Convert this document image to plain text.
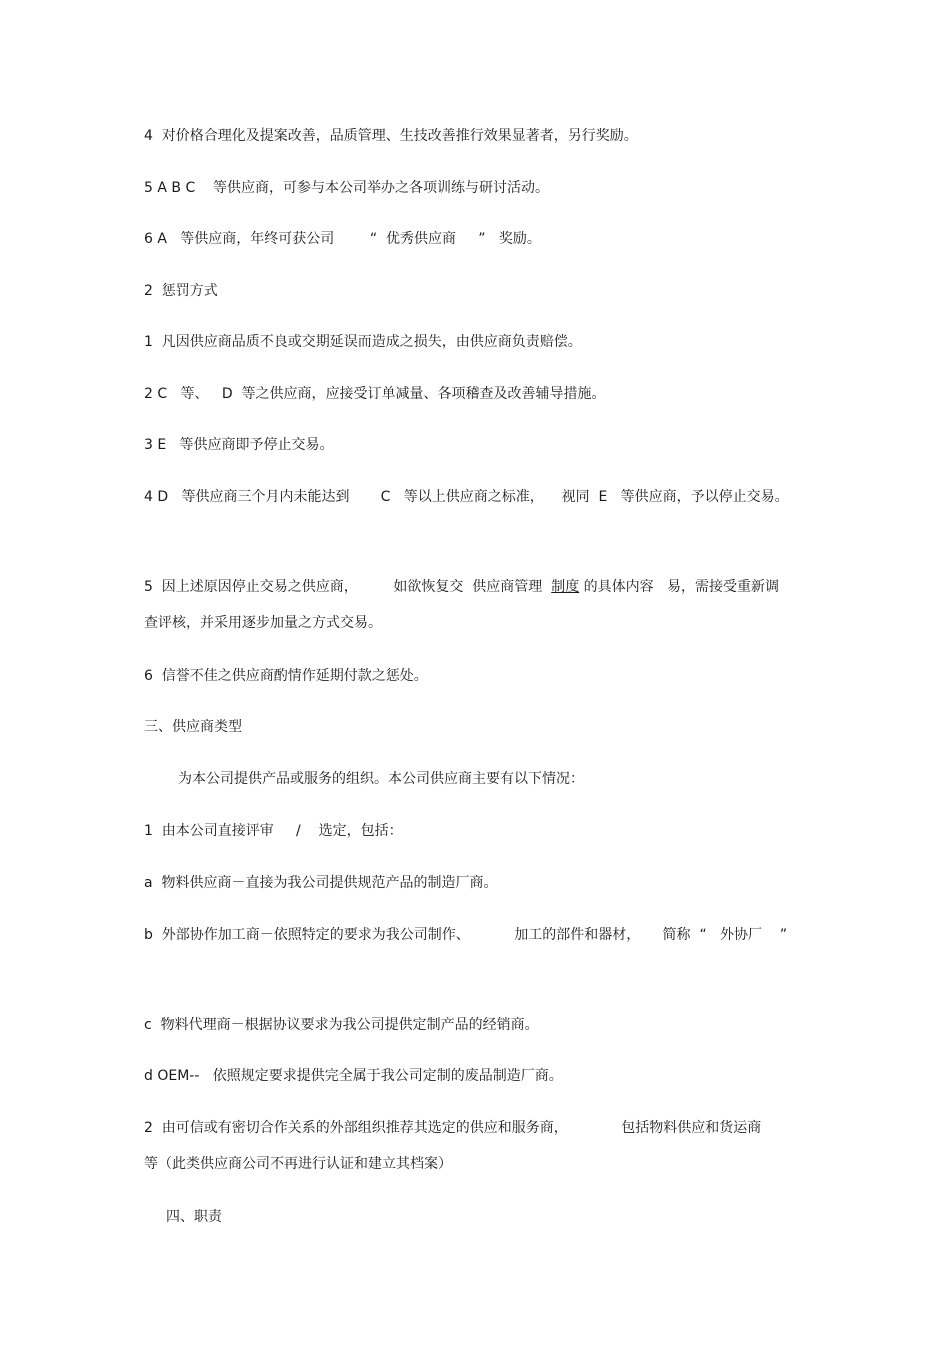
4  对价格合理化及提案改善，品质管理、生技改善推行效果显著者，另行奖励。
5 A B C    等供应商，可参与本公司举办之各项训练与研讨活动。
6 A   等供应商，年终可获公司        “  优秀供应商     ”   奖励。
2  惩罚方式
1  凡因供应商品质不良或交期延误而造成之损失，由供应商负责赔偿。
2 C   等、   D  等之供应商，应接受订单减量、各项稽查及改善辅导措施。
3 E   等供应商即予停止交易。
4 D   等供应商三个月内未能达到       C   等以上供应商之标准，    视同  E   等供应商，予以停止交易。
5  因上述原因停止交易之供应商，        如欲恢复交  供应商管理  制度 的具体内容   易，需接受重新调
查评核，并采用逐步加量之方式交易。
6  信誉不佳之供应商酌情作延期付款之惩处。
三、供应商类型
为本公司提供产品或服务的组织。本公司供应商主要有以下情况：
1  由本公司直接评审     /    选定，包括：
a  物料供应商－直接为我公司提供规范产品的制造厂商。
b  外部协作加工商－依照特定的要求为我公司制作、          加工的部件和器材，     简称  “   外协厂    ”
c  物料代理商－根据协议要求为我公司提供定制产品的经销商。
d OEM--   依照规定要求提供完全属于我公司定制的废品制造厂商。
2  由可信或有密切合作关系的外部组织推荐其选定的供应和服务商，            包括物料供应和货运商
等（此类供应商公司不再进行认证和建立其档案）
四、职责
